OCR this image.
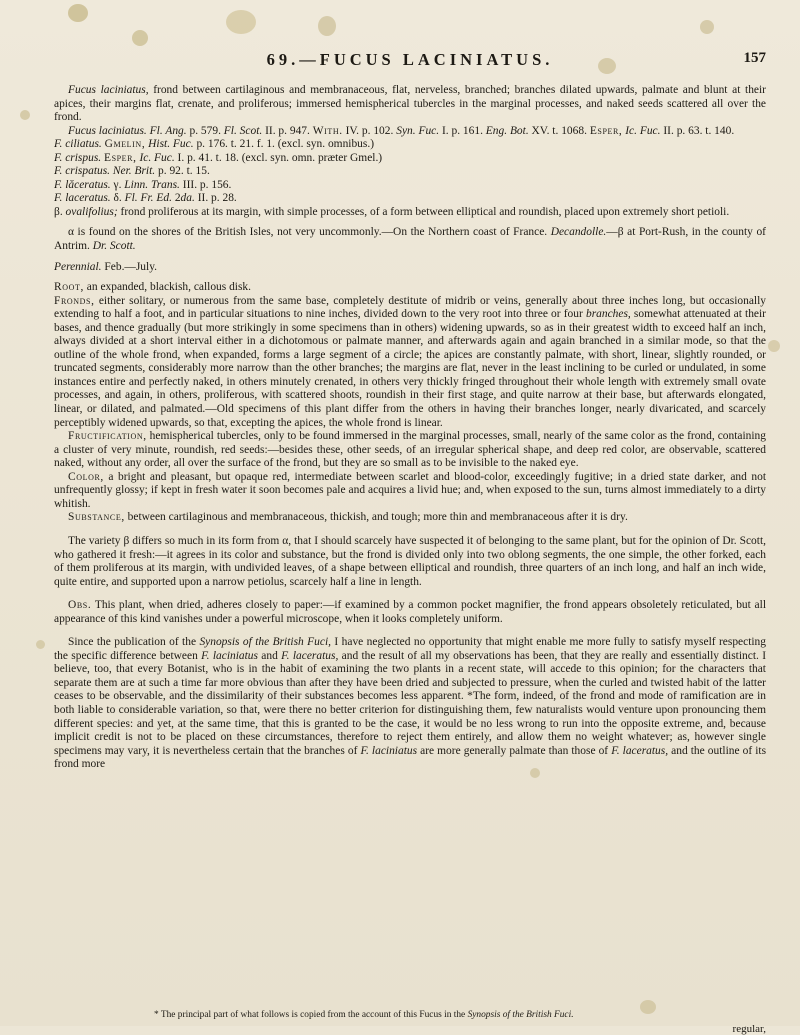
69.—FUCUS LACINIATUS.	157

Fucus laciniatus, frond between cartilaginous and membranaceous, flat, nerveless, branched; branches dilated upwards, palmate and blunt at their apices, their margins flat, crenate, and proliferous; immersed hemispherical tubercles in the marginal processes, and naked seeds scattered all over the frond.

Fucus laciniatus. Fl. Ang. p. 579. Fl. Scot. II. p. 947. With. IV. p. 102. Syn. Fuc. I. p. 161. Eng. Bot. XV. t. 1068. Esper, Ic. Fuc. II. p. 63. t. 140.

F. ciliatus. Gmelin, Hist. Fuc. p. 176. t. 21. f. 1. (excl. syn. omnibus.)

F. crispus. Esper, Ic. Fuc. I. p. 41. t. 18. (excl. syn. omn. præter Gmel.)

F. crispatus. Ner. Brit. p. 92. t. 15.

F. lăceratus. γ. Linn. Trans. III. p. 156.

F. laceratus. δ. Fl. Fr. Ed. 2da. II. p. 28.

β. ovalifolius; frond proliferous at its margin, with simple processes, of a form between elliptical and roundish, placed upon extremely short petioli.

α is found on the shores of the British Isles, not very uncommonly.—On the Northern coast of France. Decandolle.—β at Port-Rush, in the county of Antrim. Dr. Scott.

Perennial. Feb.—July.

Root, an expanded, blackish, callous disk.

Fronds, either solitary, or numerous from the same base, completely destitute of midrib or veins, generally about three inches long, but occasionally extending to half a foot, and in particular situations to nine inches, divided down to the very root into three or four branches, somewhat attenuated at their bases, and thence gradually (but more strikingly in some specimens than in others) widening upwards, so as in their greatest width to exceed half an inch, always divided at a short interval either in a dichotomous or palmate manner, and afterwards again and again branched in a similar mode, so that the outline of the whole frond, when expanded, forms a large segment of a circle; the apices are constantly palmate, with short, linear, slightly rounded, or truncated segments, considerably more narrow than the other branches; the margins are flat, never in the least inclining to be curled or undulated, in some instances entire and perfectly naked, in others minutely crenated, in others very thickly fringed throughout their whole length with extremely small ovate processes, and again, in others, proliferous, with scattered shoots, roundish in their first stage, and quite narrow at their base, but afterwards elongated, linear, or dilated, and palmated.—Old specimens of this plant differ from the others in having their branches longer, nearly divaricated, and scarcely perceptibly widened upwards, so that, excepting the apices, the whole frond is linear.

Fructification, hemispherical tubercles, only to be found immersed in the marginal processes, small, nearly of the same color as the frond, containing a cluster of very minute, roundish, red seeds:—besides these, other seeds, of an irregular spherical shape, and deep red color, are observable, scattered naked, without any order, all over the surface of the frond, but they are so small as to be invisible to the naked eye.

Color, a bright and pleasant, but opaque red, intermediate between scarlet and blood-color, exceedingly fugitive; in a dried state darker, and not unfrequently glossy; if kept in fresh water it soon becomes pale and acquires a livid hue; and, when exposed to the sun, turns almost immediately to a dirty whitish.

Substance, between cartilaginous and membranaceous, thickish, and tough; more thin and membranaceous after it is dry.

The variety β differs so much in its form from α, that I should scarcely have suspected it of belonging to the same plant, but for the opinion of Dr. Scott, who gathered it fresh:—it agrees in its color and substance, but the frond is divided only into two oblong segments, the one simple, the other forked, each of them proliferous at its margin, with undivided leaves, of a shape between elliptical and roundish, three quarters of an inch long, and half an inch wide, quite entire, and supported upon a narrow petiolus, scarcely half a line in length.

Obs. This plant, when dried, adheres closely to paper:—if examined by a common pocket magnifier, the frond appears obsoletely reticulated, but all appearance of this kind vanishes under a powerful microscope, when it looks completely uniform.

Since the publication of the Synopsis of the British Fuci, I have neglected no opportunity that might enable me more fully to satisfy myself respecting the specific difference between F. laciniatus and F. laceratus, and the result of all my observations has been, that they are really and essentially distinct. I believe, too, that every Botanist, who is in the habit of examining the two plants in a recent state, will accede to this opinion; for the characters that separate them are at such a time far more obvious than after they have been dried and subjected to pressure, when the curled and twisted habit of the latter ceases to be observable, and the dissimilarity of their substances becomes less apparent. *The form, indeed, of the frond and mode of ramification are in both liable to considerable variation, so that, were there no better criterion for distinguishing them, few naturalists would venture upon pronouncing them different species: and yet, at the same time, that this is granted to be the case, it would be no less wrong to run into the opposite extreme, and, because implicit credit is not to be placed on these circumstances, therefore to reject them entirely, and allow them no weight whatever; as, however single specimens may vary, it is nevertheless certain that the branches of F. laciniatus are more generally palmate than those of F. laceratus, and the outline of its frond more

* The principal part of what follows is copied from the account of this Fucus in the Synopsis of the British Fuci.
regular,
